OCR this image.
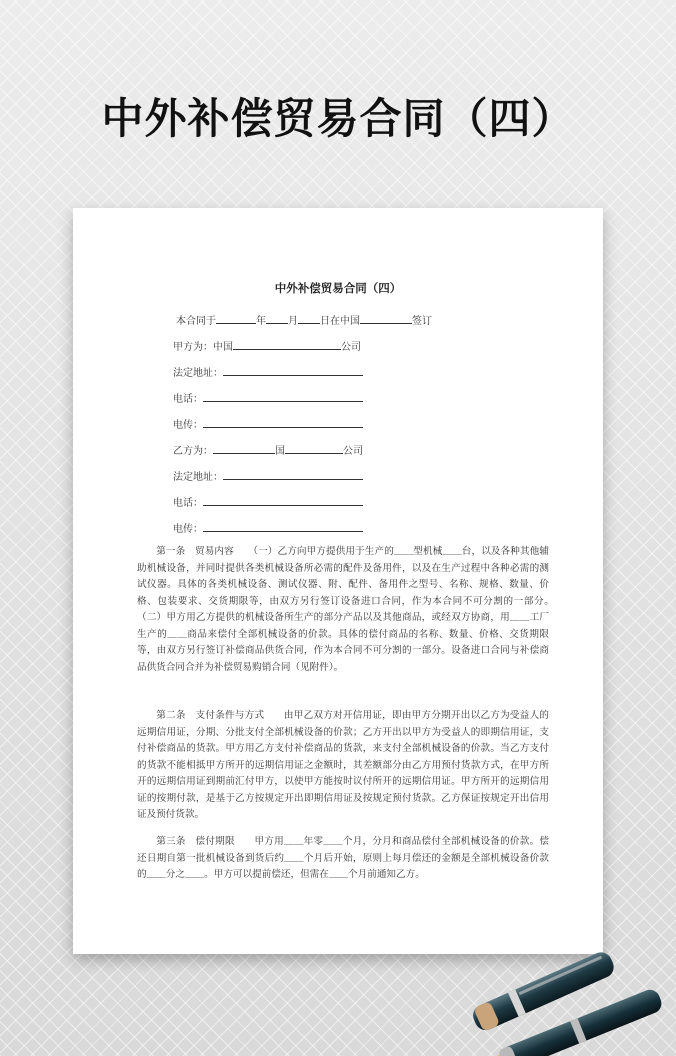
中外补偿贸易合同（四）
中外补偿贸易合同（四）
本合同于	年 月 日在中国	签订
甲方为：中国	公司
法定地址：
电话：
电传：
乙方为：	国	公司
法定地址：
电话：
电传：

第一条　贸易内容　　（一）乙方向甲方提供用于生产的＿＿型机械＿＿台，以及各种其他辅助机械设备，并同时提供各类机械设备所必需的配件及备用件，以及在生产过程中各种必需的测试仪器。具体的各类机械设备、测试仪器、附、配件、备用件之型号、名称、规格、数量、价格、包装要求、交货期限等，由双方另行签订设备进口合同，作为本合同不可分割的一部分。　　（二）甲方用乙方提供的机械设备所生产的部分产品以及其他商品，或经双方协商，用＿＿工厂生产的＿＿商品来偿付全部机械设备的价款。具体的偿付商品的名称、数量、价格、交货期限等，由双方另行签订补偿商品供货合同，作为本合同不可分割的一部分。设备进口合同与补偿商品供货合同合并为补偿贸易购销合同（见附件）。

第二条　支付条件与方式　　由甲乙双方对开信用证，即由甲方分期开出以乙方为受益人的远期信用证，分期、分批支付全部机械设备的价款；乙方开出以甲方为受益人的即期信用证，支付补偿商品的货款。甲方用乙方支付补偿商品的货款，来支付全部机械设备的价款。当乙方支付的货款不能相抵甲方所开的远期信用证之金额时，其差额部分由乙方用预付货款方式，在甲方所开的远期信用证到期前汇付甲方，以使甲方能按时议付所开的远期信用证。甲方所开的远期信用证的按期付款，是基于乙方按规定开出即期信用证及按规定预付货款。乙方保证按规定开出信用证及预付货款。

第三条　偿付期限　　甲方用＿＿年零＿＿个月，分月和商品偿付全部机械设备的价款。偿还日期自第一批机械设备到货后约＿＿个月后开始，原则上每月偿还的金额是全部机械设备价款的＿＿分之＿＿。甲方可以提前偿还，但需在＿＿个月前通知乙方。
